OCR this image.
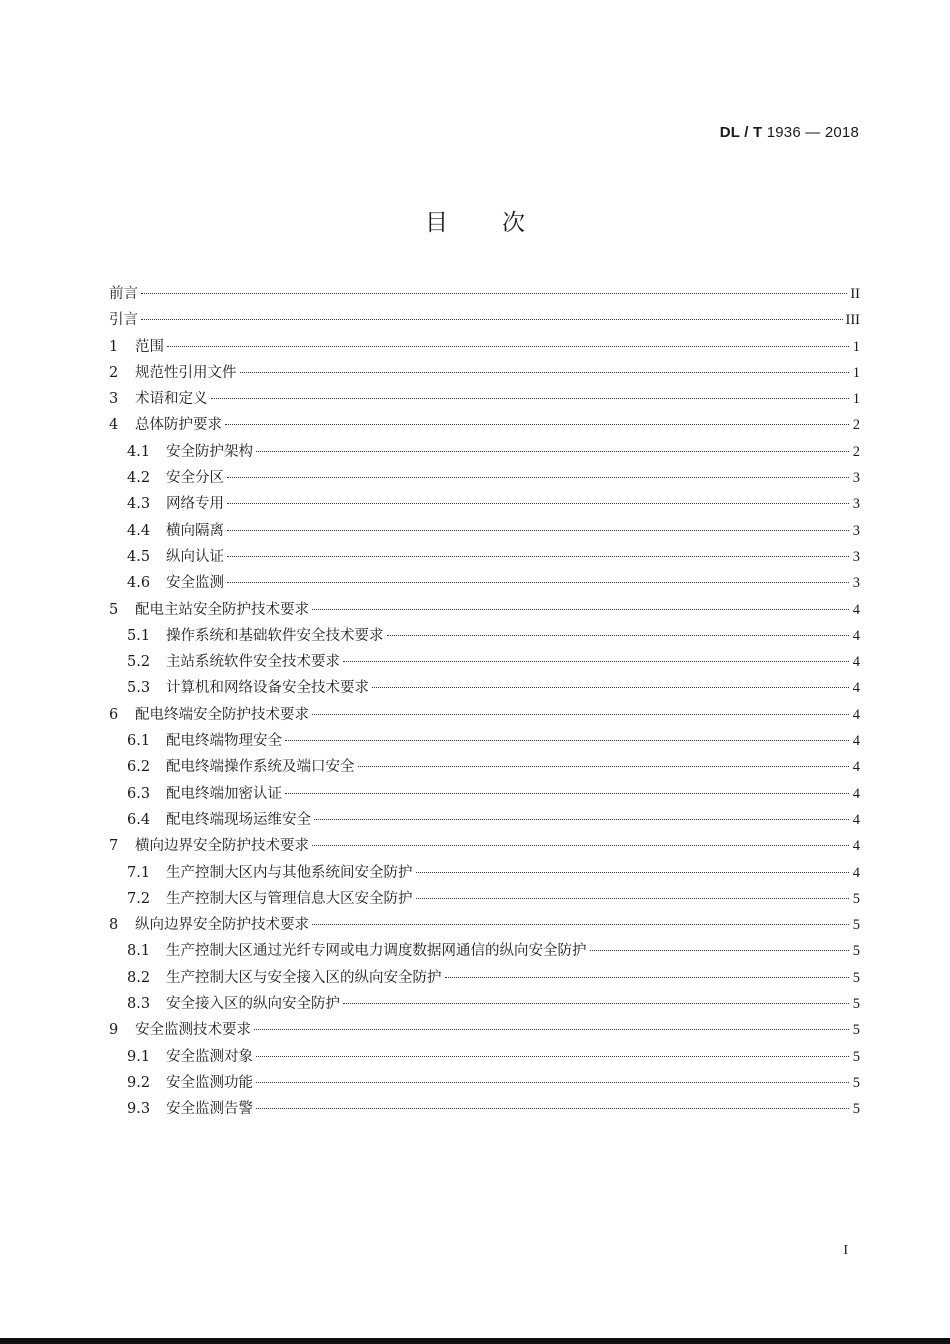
DL / T 1936 — 2018
目次
前言	II
引言	III
1	范围	1
2	规范性引用文件	1
3	术语和定义	1
4	总体防护要求	2
4.1	安全防护架构	2
4.2	安全分区	3
4.3	网络专用	3
4.4	横向隔离	3
4.5	纵向认证	3
4.6	安全监测	3
5	配电主站安全防护技术要求	4
5.1	操作系统和基础软件安全技术要求	4
5.2	主站系统软件安全技术要求	4
5.3	计算机和网络设备安全技术要求	4
6	配电终端安全防护技术要求	4
6.1	配电终端物理安全	4
6.2	配电终端操作系统及端口安全	4
6.3	配电终端加密认证	4
6.4	配电终端现场运维安全	4
7	横向边界安全防护技术要求	4
7.1	生产控制大区内与其他系统间安全防护	4
7.2	生产控制大区与管理信息大区安全防护	5
8	纵向边界安全防护技术要求	5
8.1	生产控制大区通过光纤专网或电力调度数据网通信的纵向安全防护	5
8.2	生产控制大区与安全接入区的纵向安全防护	5
8.3	安全接入区的纵向安全防护	5
9	安全监测技术要求	5
9.1	安全监测对象	5
9.2	安全监测功能	5
9.3	安全监测告警	5
I
